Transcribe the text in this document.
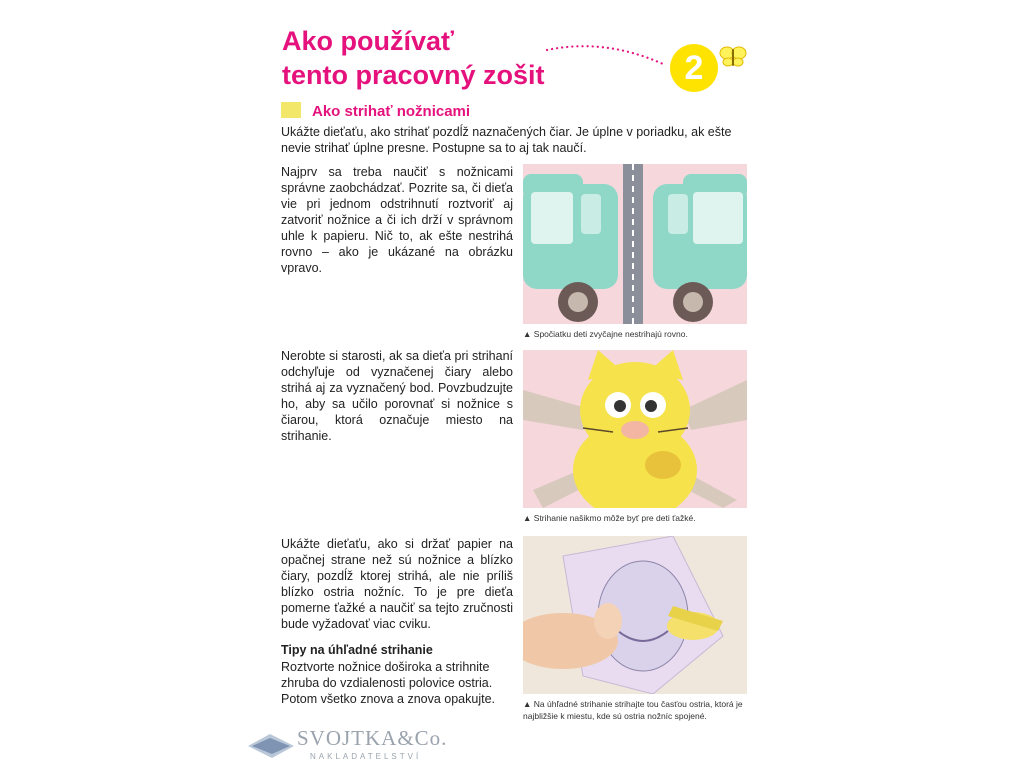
Ako používať
tento pracovný zošit	2
Ako strihať nožnicami

Ukážte dieťaťu, ako strihať pozdĺž naznačených čiar. Je úplne v poriadku, ak ešte nevie strihať úplne presne. Postupne sa to aj tak naučí.

Najprv sa treba naučiť s nožnicami správne zaobchádzať. Pozrite sa, či dieťa vie pri jednom odstrihnutí roztvoriť aj zatvoriť nožnice a či ich drží v správnom uhle k papieru. Nič to, ak ešte nestrihá rovno – ako je ukázané na obrázku vpravo.

Nerobte si starosti, ak sa dieťa pri strihaní odchyľuje od vyznačenej čiary alebo strihá aj za vyznačený bod. Povzbudzujte ho, aby sa učilo porovnať si nožnice s čiarou, ktorá označuje miesto na strihanie.

Ukážte dieťaťu, ako si držať papier na opačnej strane než sú nožnice a blízko čiary, pozdĺž ktorej strihá, ale nie príliš blízko ostria nožníc. To je pre dieťa pomerne ťažké a naučiť sa tejto zručnosti bude vyžadovať viac cviku.

Tipy na úhľadné strihanie

Roztvorte nožnice doširoka a strihnite zhruba do vzdialenosti polovice ostria. Potom všetko znova a znova opakujte.

▲ Spočiatku deti zvyčajne nestrihajú rovno.

▲ Strihanie našikmo môže byť pre deti ťažké.

▲ Na úhľadné strihanie strihajte tou časťou ostria, ktorá je najbližšie k miestu, kde sú ostria nožníc spojené.

SVOJTKA&Co.

NAKLADATELSTVÍ
